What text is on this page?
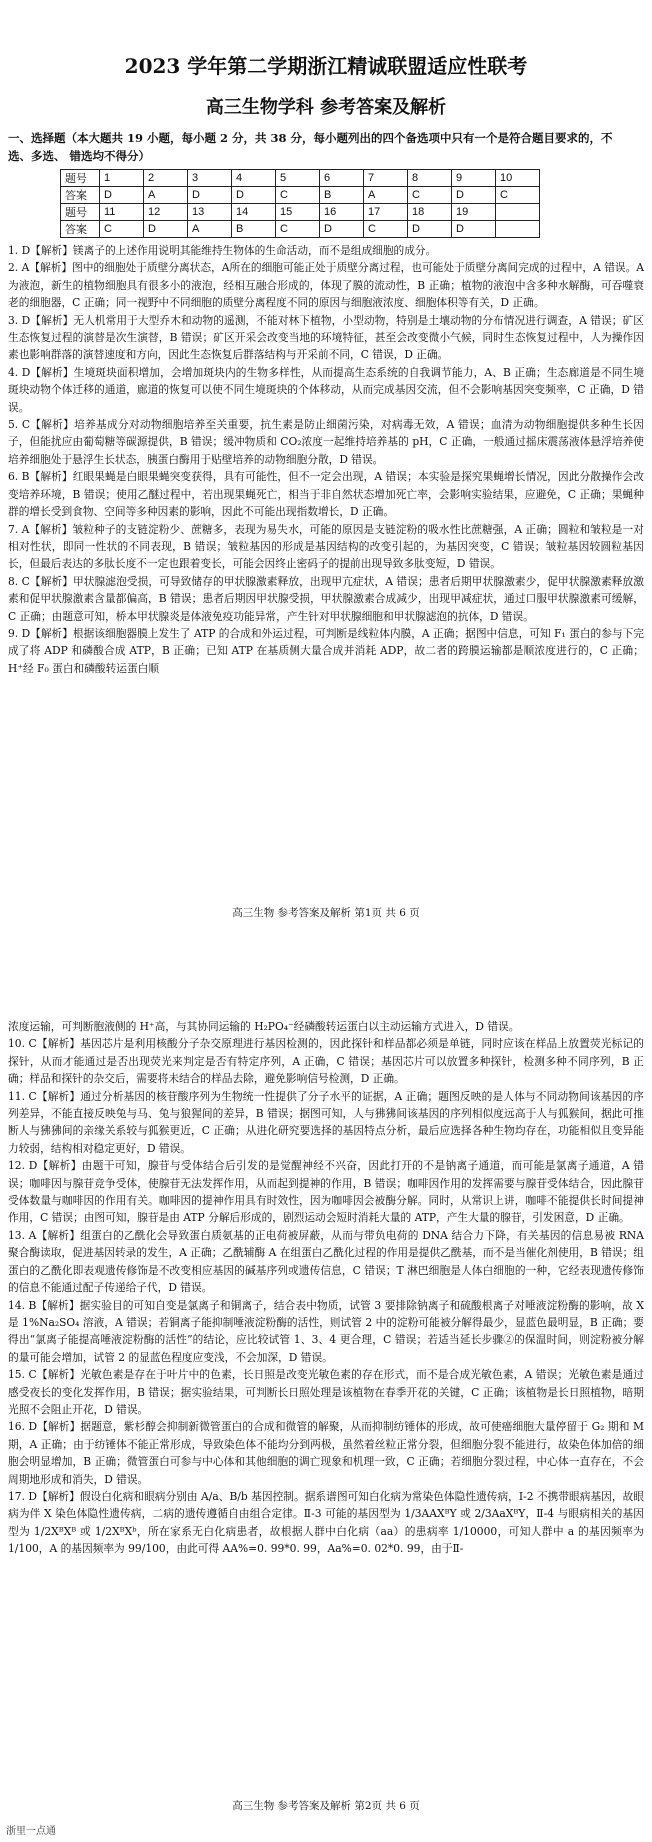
2023 学年第二学期浙江精诚联盟适应性联考
高三生物学科 参考答案及解析
一、选择题（本大题共 19 小题，每小题 2 分，共 38 分，每小题列出的四个备选项中只有一个是符合题目要求的，不选、多选、 错选均不得分）
题号	1	2	3	4	5	6	7	8	9	10
答案	D	A	D	D	C	B	A	C	D	C
题号	11	12	13	14	15	16	17	18	19	
答案	C	D	A	B	C	D	C	D	D	
1. D【解析】镁离子的上述作用说明其能维持生物体的生命活动，而不是组成细胞的成分。
2. A【解析】图中的细胞处于质壁分离状态，A所在的细胞可能正处于质壁分离过程，也可能处于质壁分离间完成的过程中，A 错误。A 为液泡，新生的植物细胞具有很多小的液泡，经相互融合形成的，体现了膜的流动性，B 正确；植物的液泡中含多种水解酶，可吞噬衰老的细胞器，C 正确；同一视野中不同细胞的质壁分离程度不同的原因与细胞液浓度、细胞体积等有关，D 正确。
3. D【解析】无人机常用于大型乔木和动物的遥测，不能对林下植物，小型动物，特别是土壤动物的分布情况进行调查，A 错误；矿区生态恢复过程的演替是次生演替，B 错误；矿区开采会改变当地的环境特征，甚至会改变微小气候，同时生态恢复过程中，人为操作因素也影响群落的演替速度和方向，因此生态恢复后群落结构与开采前不同，C 错误，D 正确。
4. D【解析】生境斑块面积增加，会增加斑块内的生物多样性，从而提高生态系统的自我调节能力，A、B 正确；生态廊道是不同生境斑块动物个体迁移的通道，廊道的恢复可以使不同生境斑块的个体移动，从而完成基因交流，但不会影响基因突变频率，C 正确，D 错误。
5. C【解析】培养基成分对动物细胞培养至关重要，抗生素是防止细菌污染，对病毒无效，A 错误；血清为动物细胞提供多种生长因子，但能扰应由葡萄糖等碳源提供，B 错误；缓冲物质和 CO₂浓度一起维持培养基的 pH，C 正确，一般通过摇床震荡液体悬浮培养使培养细胞处于悬浮生长状态，胰蛋白酶用于贴壁培养的动物细胞分散，D 错误。
6. B【解析】红眼果蝇是白眼果蝇突变获得，具有可能性，但不一定会出现，A 错误；本实验是探究果蝇增长情况，因此分散操作会改变培养环境，B 错误；使用乙醚过程中，若出现果蝇死亡，相当于非自然状态增加死亡率，会影响实验结果，应避免，C 正确；果蝇种群的增长受到食物、空间等多种因素的影响，因此不可能出现指数增长，D 正确。
7. A【解析】皱粒种子的支链淀粉少、蔗糖多，表现为易失水，可能的原因是支链淀粉的吸水性比蔗糖强，A 正确；圆粒和皱粒是一对相对性状，即同一性状的不同表现，B 错误；皱粒基因的形成是基因结构的改变引起的，为基因突变，C 错误；皱粒基因较圆粒基因长，但最后表达的多肽长度不一定也跟着变长，可能会因终止密码子的提前出现导致多肽变短，D 错误。
8. C【解析】甲状腺滤泡受损，可导致储存的甲状腺激素释放，出现甲亢症状，A 错误；患者后期甲状腺激素少，促甲状腺激素释放激素和促甲状腺激素含量都偏高，B 错误；患者后期因甲状腺受损，甲状腺激素合成减少，出现甲减症状，通过口服甲状腺激素可缓解，C 正确；由题意可知，桥本甲状腺炎是体液免疫功能异常，产生针对甲状腺细胞和甲状腺滤泡的抗体，D 错误。
9. D【解析】根据该细胞器膜上发生了 ATP 的合成和外运过程，可判断是线粒体内膜，A 正确；据图中信息，可知 F₁ 蛋白的参与下完成了将 ADP 和磷酸合成 ATP，B 正确；已知 ATP 在基质侧大量合成并消耗 ADP，故二者的跨膜运输都是顺浓度进行的，C 正确；H⁺经 F₀ 蛋白和磷酸转运蛋白顺
高三生物 参考答案及解析 第1页 共 6 页
浓度运输，可判断胞液侧的 H⁺高，与其协同运输的 H₂PO₄⁻经磷酸转运蛋白以主动运输方式进入，D 错误。
10. C【解析】基因芯片是利用核酸分子杂交原理进行基因检测的，因此探针和样品都必须是单链，同时应该在样品上放置荧光标记的探针，从而才能通过是否出现荧光来判定是否有特定序列，A 正确，C 错误；基因芯片可以放置多种探针，检测多种不同序列，B 正确；样品和探针的杂交后，需要将未结合的样品去除，避免影响信号检测，D 正确。
11. C【解析】通过分析基因的核苷酸序列为生物统一性提供了分子水平的证据，A 正确；题图反映的是人体与不同动物间该基因的序列差异，不能直接反映兔与马、兔与狼猩间的差异，B 错误；据图可知，人与狒狒间该基因的序列相似度远高于人与狐猴间，据此可推断人与狒狒间的亲缘关系较与狐猴更近，C 正确；从进化研究要选择的基因特点分析，最后应选择各种生物均存在，功能相似且变异能力较弱，结构相对稳定更好，D 错误。
12. D【解析】由题干可知，腺苷与受体结合后引发的是觉醒神经不兴奋，因此打开的不是钠离子通道，而可能是氯离子通道，A 错误；咖啡因与腺苷竞争受体，使腺苷无法发挥作用，从而起到提神的作用，B 错误；咖啡因作用的发挥需要与腺苷受体结合，因此腺苷受体数量与咖啡因的作用有关。咖啡因的提神作用具有时效性，因为咖啡因会被酶分解。同时，从常识上讲，咖啡不能提供长时间提神作用，C 错误；由图可知，腺苷是由 ATP 分解后形成的，剧烈运动会短时消耗大量的 ATP，产生大量的腺苷，引发困意，D 正确。
13. A【解析】组蛋白的乙酰化会导致蛋白质氨基的正电荷被屏蔽，从而与带负电荷的 DNA 结合力下降，有关基因的信息易被 RNA 聚合酶读取，促进基因转录的发生，A 正确；乙酰辅酶 A 在组蛋白乙酰化过程的作用是提供乙酰基，而不是当催化剂使用，B 错误；组蛋白的乙酰化即表观遗传修饰是不改变相应基因的碱基序列或遗传信息，C 错误；T 淋巴细胞是人体白细胞的一种，它经表现遗传修饰的信息不能通过配子传递给子代，D 错误。
14. B【解析】据实验目的可知自变是氯离子和铜离子，结合表中物质，试管 3 要排除钠离子和硫酸根离子对唾液淀粉酶的影响，故 X 是 1%Na₂SO₄ 溶液，A 错误；若铜离子能抑制唾液淀粉酶的活性，则试管 2 中的淀粉可能被分解得最少，显蓝色最明显，B 正确；要得出“氯离子能提高唾液淀粉酶的活性”的结论，应比较试管 1、3、4 更合理，C 错误；若适当延长步骤②的保温时间，则淀粉被分解的量可能会增加，试管 2 的显蓝色程度应变浅，不会加深，D 错误。
15. C【解析】光敏色素是存在于叶片中的色素，长日照是改变光敏色素的存在形式，而不是合成光敏色素，A 错误；光敏色素是通过感受夜长的变化发挥作用，B 错误；据实验结果，可判断长日照处理是该植物在春季开花的关键，C 正确；该植物是长日照植物，暗期光照不会阻止开花，D 错误。
16. D【解析】据题意，紫杉醇会抑制新微管蛋白的合成和微管的解聚，从而抑制纺锤体的形成，故可使癌细胞大量停留于 G₂ 期和 M 期，A 正确；由于纺锤体不能正常形成，导致染色体不能均分到两极，虽然着丝粒正常分裂，但细胞分裂不能进行，故染色体加倍的细胞会明显增加，B 正确；微管蛋白可参与中心体和其他细胞的调亡现象和机理一致，C 正确；若细胞分裂过程，中心体一直存在，不会周期地形成和消失，D 错误。
17. D【解析】假设白化病和眼病分别由 A/a、B/b 基因控制。据系谱图可知白化病为常染色体隐性遗传病，Ⅰ-2 不携带眼病基因，故眼病为伴 X 染色体隐性遗传病，二病的遗传遵循自由组合定律。Ⅱ-3 可能的基因型为 1/3AAXᴮY 或 2/3AaXᴮY，Ⅱ-4 与眼病相关的基因型为 1/2XᴮXᴮ 或 1/2XᴮXᵇ，所在家系无白化病患者，故根据人群中白化病（aa）的患病率 1/10000，可知人群中 a 的基因频率为 1/100，A 的基因频率为 99/100，由此可得 AA%=0. 99*0. 99，Aa%=0. 02*0. 99，由于Ⅱ-
高三生物 参考答案及解析 第2页 共 6 页
浙里一点通
